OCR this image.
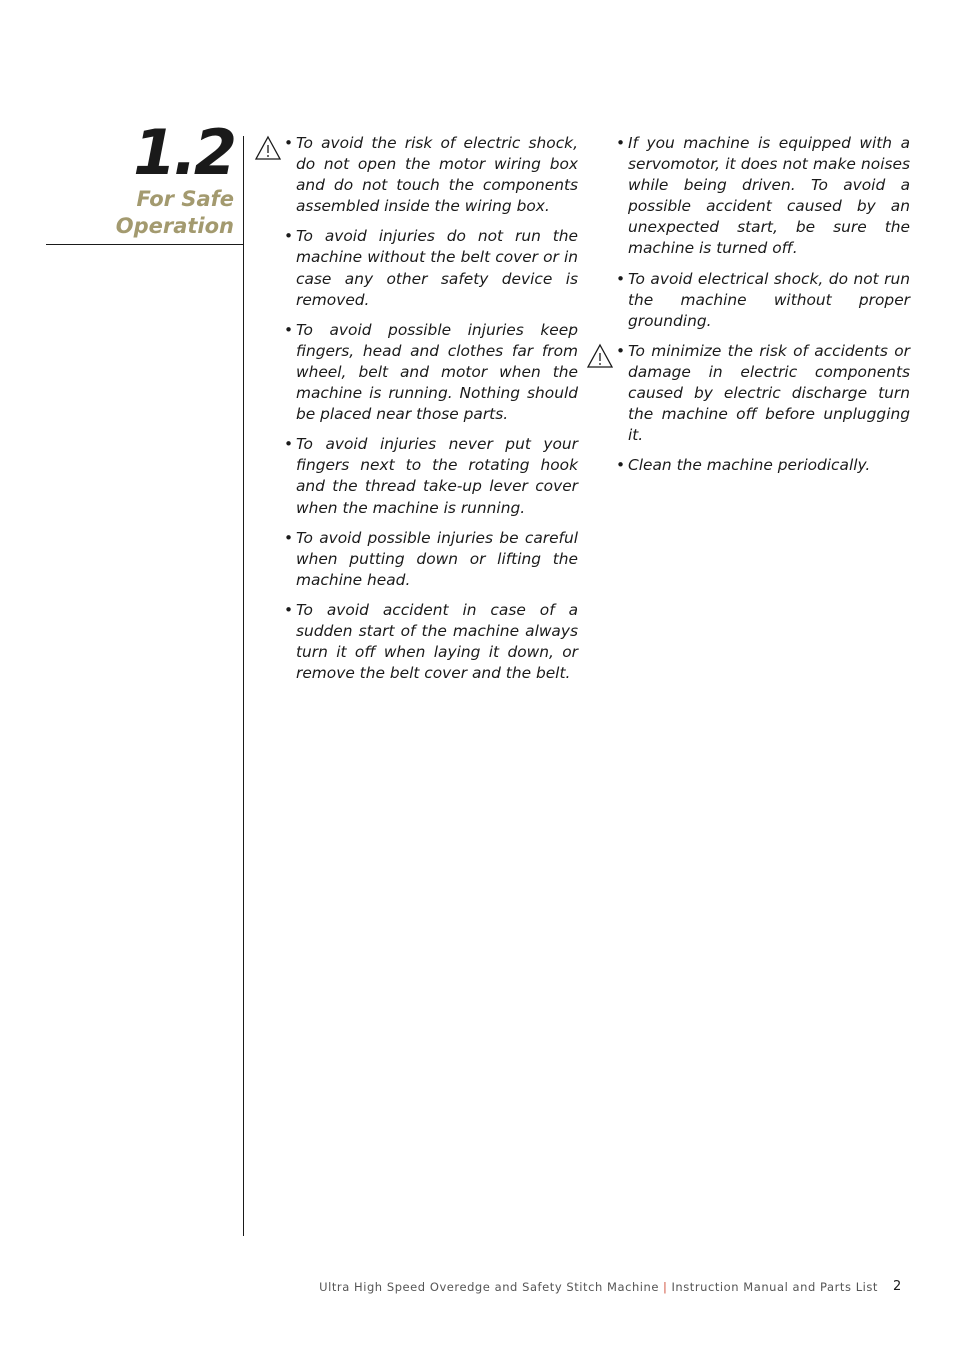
1.2
For Safe
Operation
• To avoid the risk of electric shock, do not open the motor wiring box and do not touch the components assembled inside the wiring box.
• To avoid injuries do not run the machine without the belt cover or in case any other safety device is removed.
• To avoid possible injuries keep fingers, head and clothes far from wheel, belt and motor when the machine is running. Nothing should be placed near those parts.
• To avoid injuries never put your fingers next to the rotating hook and the thread take-up lever cover when the machine is running.
• To avoid possible injuries be careful when putting down or lifting the machine head.
• To avoid accident in case of a sudden start of the machine always turn it off when laying it down, or remove the belt cover and the belt.
• If you machine is equipped with a servomotor, it does not make noises while being driven. To avoid a possible accident caused by an unexpected start, be sure the machine is turned off.
• To avoid electrical shock, do not run the machine without proper grounding.
• To minimize the risk of accidents or damage in electric components caused by electric discharge turn the machine off before unplugging it.
• Clean the machine periodically.
Ultra High Speed Overedge and Safety Stitch Machine | Instruction Manual and Parts List 2
